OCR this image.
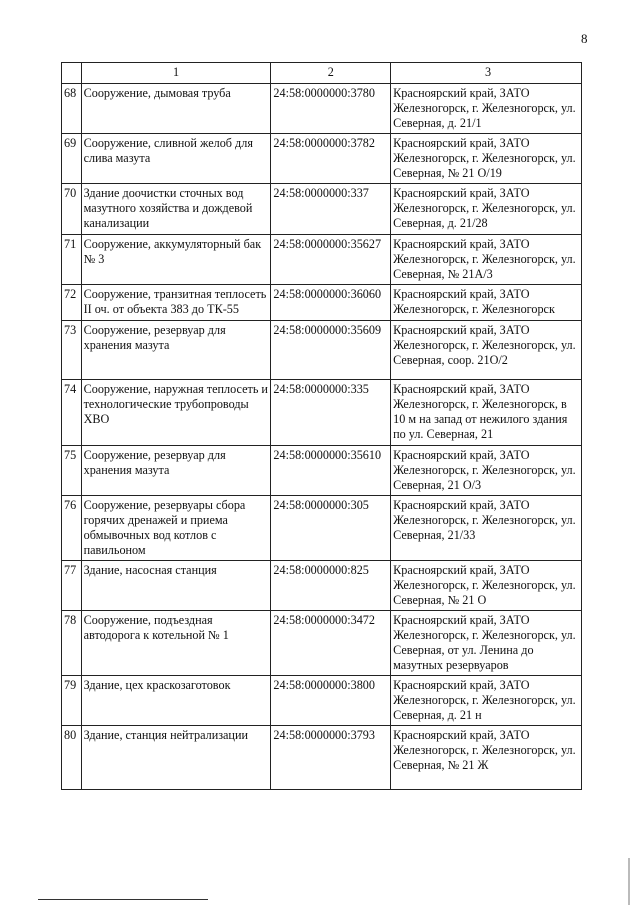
8
	1	2	3
68	Сооружение, дымовая труба	24:58:0000000:3780	Красноярский край, ЗАТО Железногорск, г. Железногорск, ул. Северная, д. 21/1
69	Сооружение, сливной желоб для слива мазута	24:58:0000000:3782	Красноярский край, ЗАТО Железногорск, г. Железногорск, ул. Северная, № 21 О/19
70	Здание доочистки сточных вод мазутного хозяйства и дождевой канализации	24:58:0000000:337	Красноярский край, ЗАТО Железногорск, г. Железногорск, ул. Северная, д. 21/28
71	Сооружение, аккумуляторный бак № 3	24:58:0000000:35627	Красноярский край, ЗАТО Железногорск, г. Железногорск, ул. Северная, № 21А/3
72	Сооружение, транзитная теплосеть II оч. от объекта 383 до ТК-55	24:58:0000000:36060	Красноярский край, ЗАТО Железногорск, г. Железногорск
73	Сооружение, резервуар для хранения мазута	24:58:0000000:35609	Красноярский край, ЗАТО Железногорск, г. Железногорск, ул. Северная, соор. 21О/2
74	Сооружение, наружная теплосеть и технологические трубопроводы ХВО	24:58:0000000:335	Красноярский край, ЗАТО Железногорск, г. Железногорск, в 10 м на запад от нежилого здания по ул. Северная, 21
75	Сооружение, резервуар для хранения мазута	24:58:0000000:35610	Красноярский край, ЗАТО Железногорск, г. Железногорск, ул. Северная, 21 О/3
76	Сооружение, резервуары сбора горячих дренажей и приема обмывочных вод котлов с павильоном	24:58:0000000:305	Красноярский край, ЗАТО Железногорск, г. Железногорск, ул. Северная, 21/33
77	Здание, насосная станция	24:58:0000000:825	Красноярский край, ЗАТО Железногорск, г. Железногорск, ул. Северная, № 21 О
78	Сооружение, подъездная автодорога к котельной № 1	24:58:0000000:3472	Красноярский край, ЗАТО Железногорск, г. Железногорск, ул. Северная, от ул. Ленина до мазутных резервуаров
79	Здание, цех краскозаготовок	24:58:0000000:3800	Красноярский край, ЗАТО Железногорск, г. Железногорск, ул. Северная, д. 21 н
80	Здание, станция нейтрализации	24:58:0000000:3793	Красноярский край, ЗАТО Железногорск, г. Железногорск, ул. Северная, № 21 Ж
